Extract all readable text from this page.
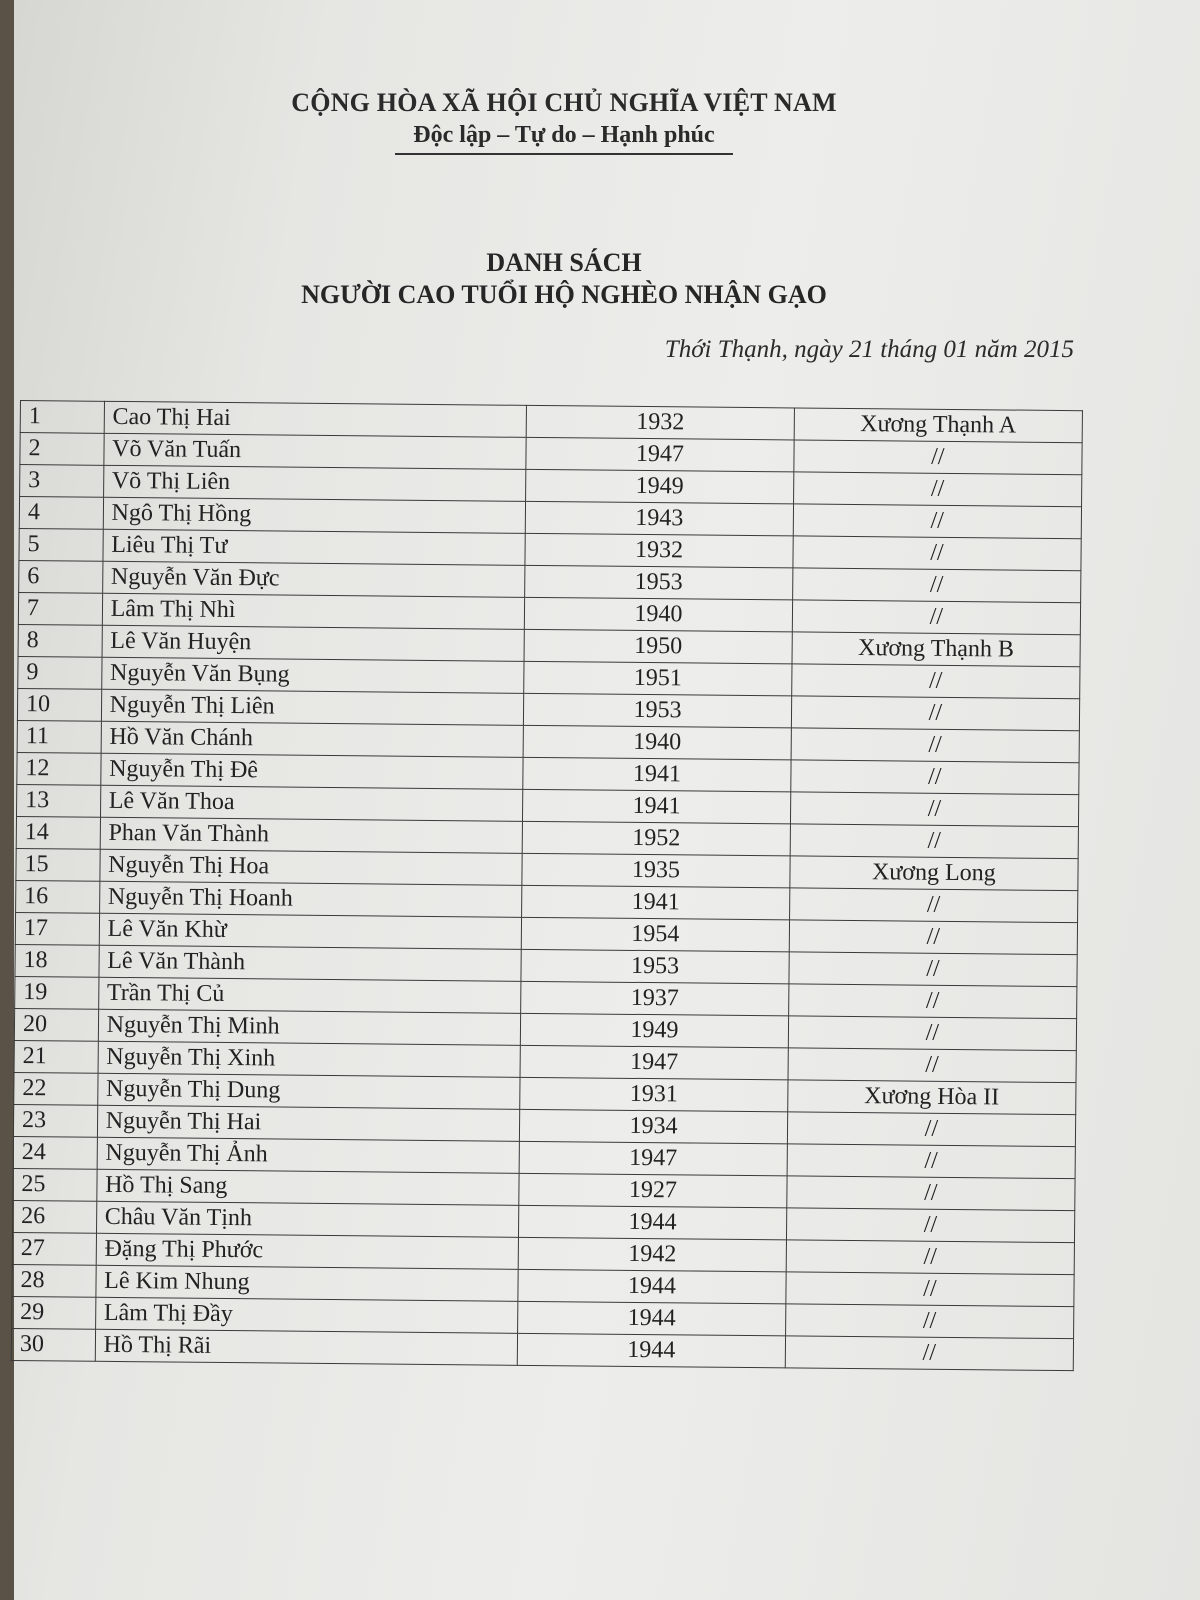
CỘNG HÒA XÃ HỘI CHỦ NGHĨA VIỆT NAM
Độc lập – Tự do – Hạnh phúc
DANH SÁCH
NGƯỜI CAO TUỔI HỘ NGHÈO NHẬN GẠO
Thới Thạnh, ngày 21 tháng 01 năm 2015
1	Cao Thị Hai	1932	Xương Thạnh A
2	Võ Văn Tuấn	1947	//
3	Võ Thị Liên	1949	//
4	Ngô Thị Hồng	1943	//
5	Liêu Thị Tư	1932	//
6	Nguyễn Văn Đực	1953	//
7	Lâm Thị Nhì	1940	//
8	Lê Văn Huyện	1950	Xương Thạnh B
9	Nguyễn Văn Bụng	1951	//
10	Nguyễn Thị Liên	1953	//
11	Hồ Văn Chánh	1940	//
12	Nguyễn Thị Đê	1941	//
13	Lê Văn Thoa	1941	//
14	Phan Văn Thành	1952	//
15	Nguyễn Thị Hoa	1935	Xương Long
16	Nguyễn Thị Hoanh	1941	//
17	Lê Văn Khừ	1954	//
18	Lê Văn Thành	1953	//
19	Trần Thị Củ	1937	//
20	Nguyễn Thị Minh	1949	//
21	Nguyễn Thị Xinh	1947	//
22	Nguyễn Thị Dung	1931	Xương Hòa II
23	Nguyễn Thị Hai	1934	//
24	Nguyễn Thị Ảnh	1947	//
25	Hồ Thị Sang	1927	//
26	Châu Văn Tịnh	1944	//
27	Đặng Thị Phước	1942	//
28	Lê Kim Nhung	1944	//
29	Lâm Thị Đầy	1944	//
30	Hồ Thị Rãi	1944	//
